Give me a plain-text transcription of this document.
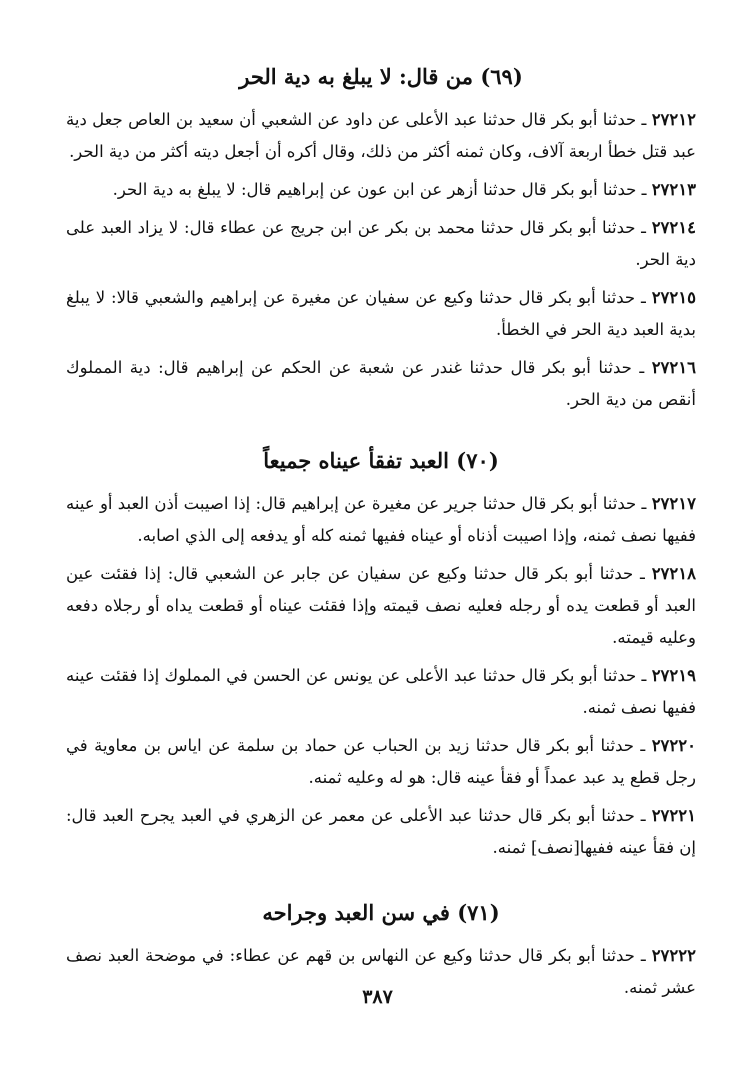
(٦٩) من قال: لا يبلغ به دية الحر

٢٧٢١٢ ـ حدثنا أبو بكر قال حدثنا عبد الأعلى عن داود عن الشعبي أن سعيد بن العاص جعل دية عبد قتل خطأ اربعة آلاف، وكان ثمنه أكثر من ذلك، وقال أكره أن أجعل ديته أكثر من دية الحر.

٢٧٢١٣ ـ حدثنا أبو بكر قال حدثنا أزهر عن ابن عون عن إبراهيم قال: لا يبلغ به دية الحر.

٢٧٢١٤ ـ حدثنا أبو بكر قال حدثنا محمد بن بكر عن ابن جريج عن عطاء قال: لا يزاد العبد على دية الحر.

٢٧٢١٥ ـ حدثنا أبو بكر قال حدثنا وكيع عن سفيان عن مغيرة عن إبراهيم والشعبي قالا: لا يبلغ بدية العبد دية الحر في الخطأ.

٢٧٢١٦ ـ حدثنا أبو بكر قال حدثنا غندر عن شعبة عن الحكم عن إبراهيم قال: دية المملوك أنقص من دية الحر.

(٧٠) العبد تفقأ عيناه جميعاً

٢٧٢١٧ ـ حدثنا أبو بكر قال حدثنا جرير عن مغيرة عن إبراهيم قال: إذا اصيبت أذن العبد أو عينه ففيها نصف ثمنه، وإذا اصيبت أذناه أو عيناه ففيها ثمنه كله أو يدفعه إلى الذي اصابه.

٢٧٢١٨ ـ حدثنا أبو بكر قال حدثنا وكيع عن سفيان عن جابر عن الشعبي قال: إذا فقئت عين العبد أو قطعت يده أو رجله فعليه نصف قيمته وإذا فقئت عيناه أو قطعت يداه أو رجلاه دفعه وعليه قيمته.

٢٧٢١٩ ـ حدثنا أبو بكر قال حدثنا عبد الأعلى عن يونس عن الحسن في المملوك إذا فقئت عينه ففيها نصف ثمنه.

٢٧٢٢٠ ـ حدثنا أبو بكر قال حدثنا زيد بن الحباب عن حماد بن سلمة عن اياس بن معاوية في رجل قطع يد عبد عمداً أو فقأ عينه قال: هو له وعليه ثمنه.

٢٧٢٢١ ـ حدثنا أبو بكر قال حدثنا عبد الأعلى عن معمر عن الزهري في العبد يجرح العبد قال: إن فقأ عينه ففيها[نصف] ثمنه.

(٧١) في سن العبد وجراحه

٢٧٢٢٢ ـ حدثنا أبو بكر قال حدثنا وكيع عن النهاس بن قهم عن عطاء: في موضحة العبد نصف عشر ثمنه.

٣٨٧
